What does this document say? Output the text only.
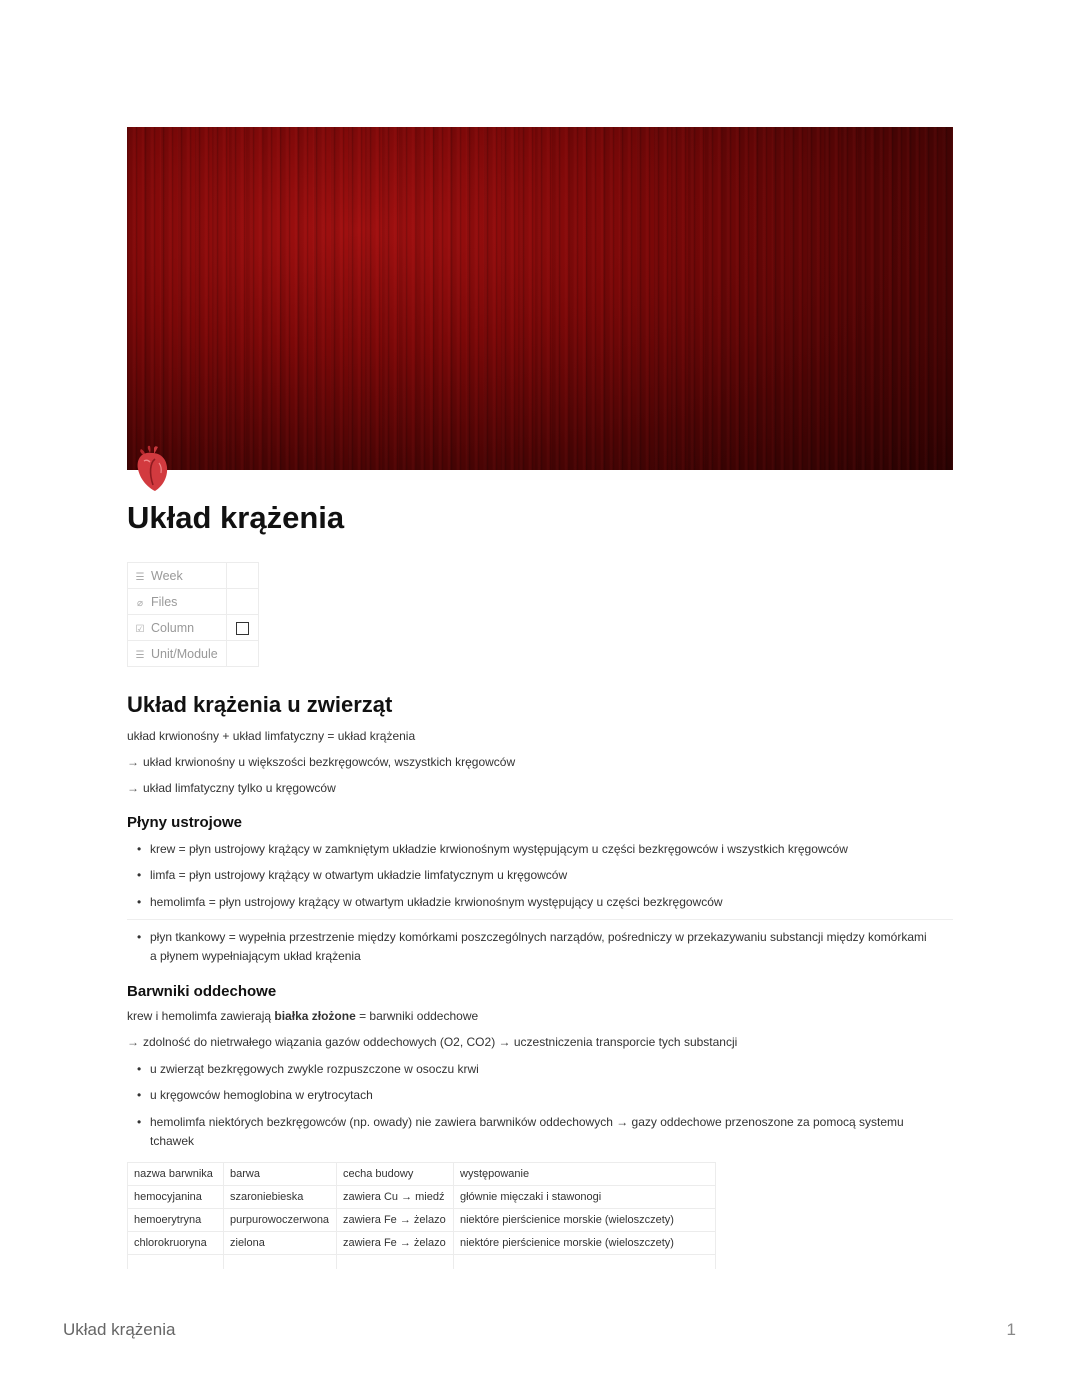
Układ krążenia
☰ Week	
⌀ Files	
☑ Column	
☰ Unit/Module	
Układ krążenia u zwierząt

układ krwionośny + układ limfatyczny = układ krążenia

→ układ krwionośny u większości bezkręgowców, wszystkich kręgowców

→ układ limfatyczny tylko u kręgowców

Płyny ustrojowe
• krew = płyn ustrojowy krążący w zamkniętym układzie krwionośnym występującym u części bezkręgowców i wszystkich kręgowców
• limfa = płyn ustrojowy krążący w otwartym układzie limfatycznym u kręgowców
• hemolimfa = płyn ustrojowy krążący w otwartym układzie krwionośnym występujący u części bezkręgowców
• płyn tkankowy = wypełnia przestrzenie między komórkami poszczególnych narządów, pośredniczy w przekazywaniu substancji między komórkami a płynem wypełniającym układ krążenia
Barwniki oddechowe

krew i hemolimfa zawierają białka złożone = barwniki oddechowe

→ zdolność do nietrwałego wiązania gazów oddechowych (O2, CO2) → uczestniczenia transporcie tych substancji

• u zwierząt bezkręgowych zwykle rozpuszczone w osoczu krwi
• u kręgowców hemoglobina w erytrocytach
• hemolimfa niektórych bezkręgowców (np. owady) nie zawiera barwników oddechowych → gazy oddechowe przenoszone za pomocą systemu tchawek
nazwa barwnika	barwa	cecha budowy	występowanie
hemocyjanina	szaroniebieska	zawiera Cu → miedź	głównie mięczaki i stawonogi
hemoerytryna	purpurowoczerwona	zawiera Fe → żelazo	niektóre pierścienice morskie (wieloszczety)
chlorokruoryna	zielona	zawiera Fe → żelazo	niektóre pierścienice morskie (wieloszczety)

Układ krążenia	1
